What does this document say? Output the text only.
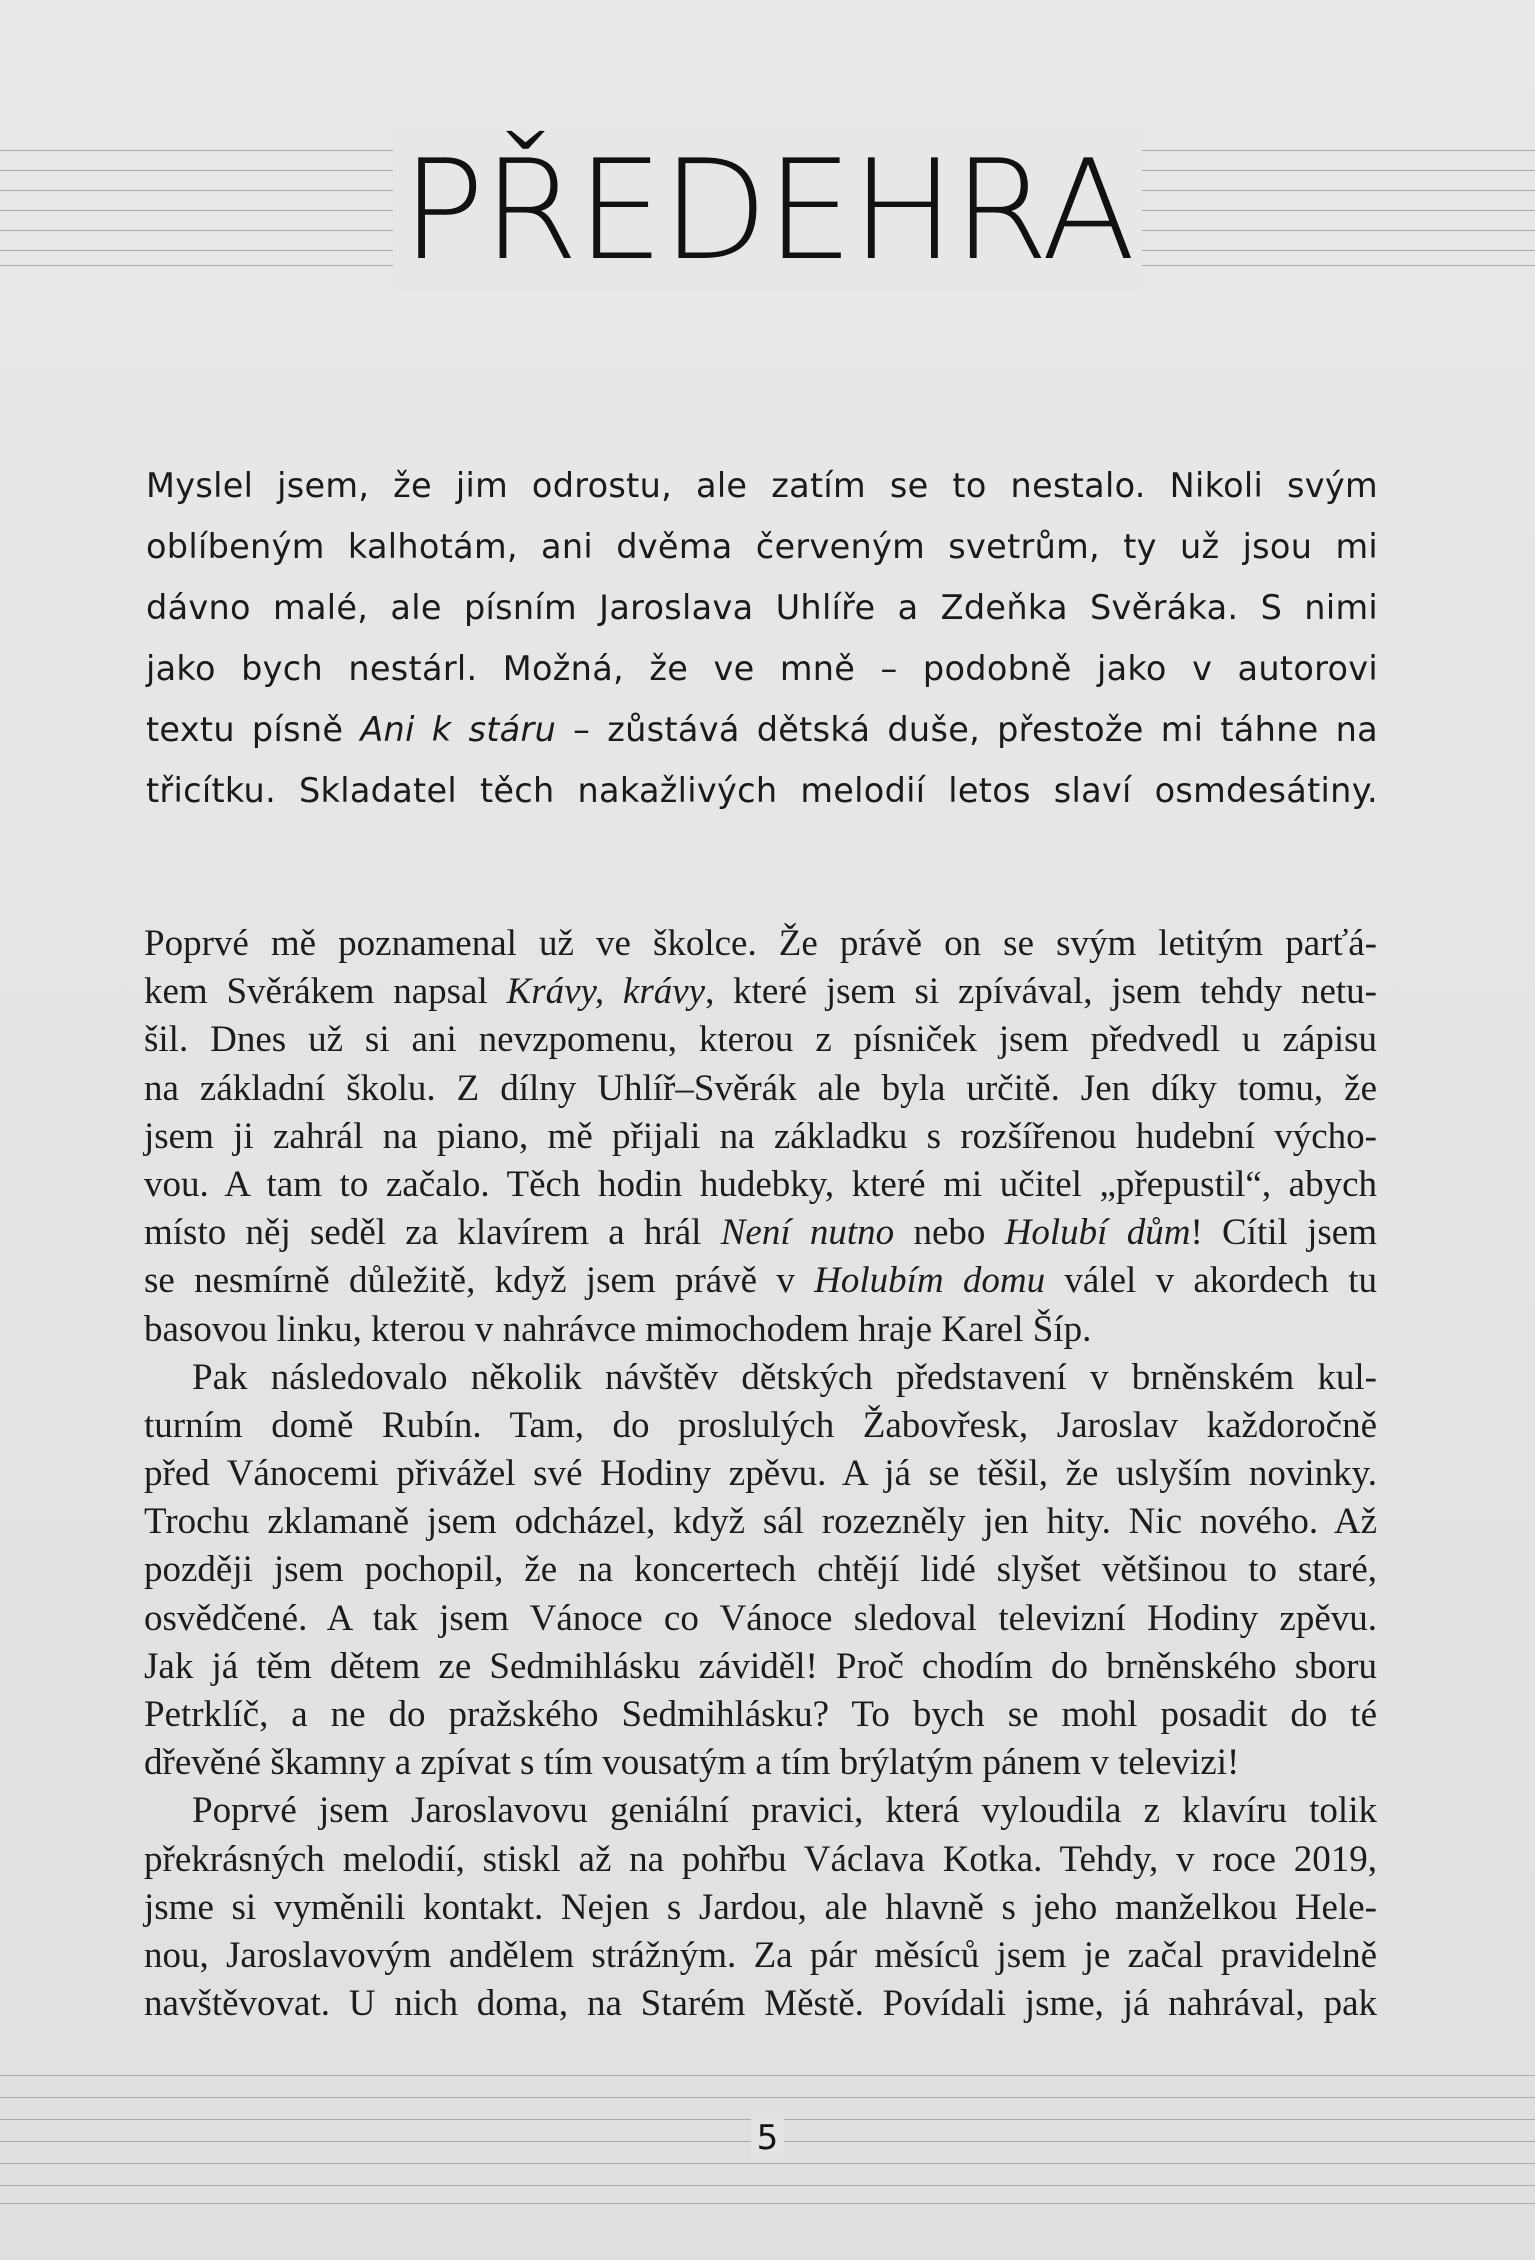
PŘEDEHRA
Myslel jsem, že jim odrostu, ale zatím se to nestalo. Nikoli svým
oblíbeným kalhotám, ani dvěma červeným svetrům, ty už jsou mi
dávno malé, ale písním Jaroslava Uhlíře a Zdeňka Svěráka. S nimi
jako bych nestárl. Možná, že ve mně – podobně jako v autorovi
textu písně Ani k stáru – zůstává dětská duše, přestože mi táhne na
třicítku. Skladatel těch nakažlivých melodií letos slaví osmdesátiny.
Poprvé mě poznamenal už ve školce. Že právě on se svým letitým parťá-
kem Svěrákem napsal Krávy, krávy, které jsem si zpívával, jsem tehdy netu-
šil. Dnes už si ani nevzpomenu, kterou z písniček jsem předvedl u zápisu
na základní školu. Z dílny Uhlíř–Svěrák ale byla určitě. Jen díky tomu, že
jsem ji zahrál na piano, mě přijali na základku s rozšířenou hudební výcho-
vou. A tam to začalo. Těch hodin hudebky, které mi učitel „přepustil“, abych
místo něj seděl za klavírem a hrál Není nutno nebo Holubí dům! Cítil jsem
se nesmírně důležitě, když jsem právě v Holubím domu válel v akordech tu
basovou linku, kterou v nahrávce mimochodem hraje Karel Šíp.
Pak následovalo několik návštěv dětských představení v brněnském kul-
turním domě Rubín. Tam, do proslulých Žabovřesk, Jaroslav každoročně
před Vánocemi přivážel své Hodiny zpěvu. A já se těšil, že uslyším novinky.
Trochu zklamaně jsem odcházel, když sál rozezněly jen hity. Nic nového. Až
později jsem pochopil, že na koncertech chtějí lidé slyšet většinou to staré,
osvědčené. A tak jsem Vánoce co Vánoce sledoval televizní Hodiny zpěvu.
Jak já těm dětem ze Sedmihlásku záviděl! Proč chodím do brněnského sboru
Petrklíč, a ne do pražského Sedmihlásku? To bych se mohl posadit do té
dřevěné škamny a zpívat s tím vousatým a tím brýlatým pánem v televizi!
Poprvé jsem Jaroslavovu geniální pravici, která vyloudila z klavíru tolik
překrásných melodií, stiskl až na pohřbu Václava Kotka. Tehdy, v roce 2019,
jsme si vyměnili kontakt. Nejen s Jardou, ale hlavně s jeho manželkou Hele-
nou, Jaroslavovým andělem strážným. Za pár měsíců jsem je začal pravidelně
navštěvovat. U nich doma, na Starém Městě. Povídali jsme, já nahrával, pak
5
